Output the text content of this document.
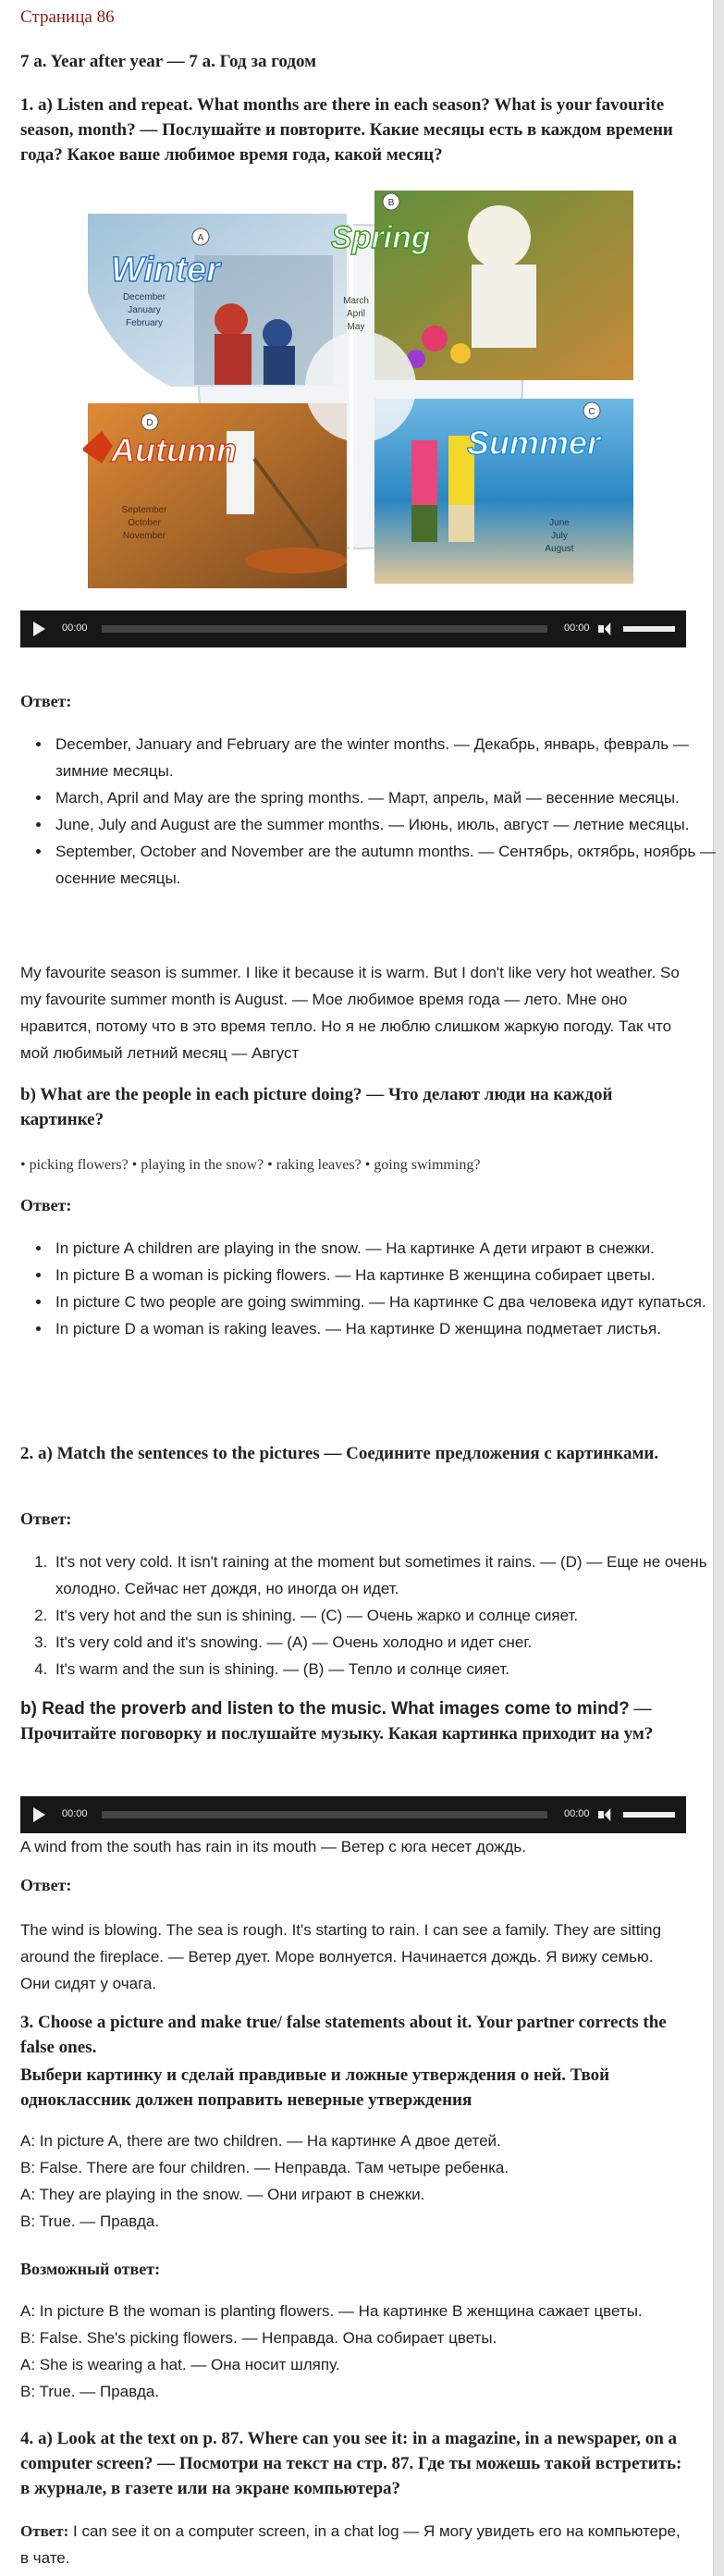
Страница 86

7 a. Year after year — 7 a. Год за годом

1. a) Listen and repeat. What months are there in each season? What is your favourite season, month? — Послушайте и повторите. Какие месяцы есть в каждом времени года? Какое ваше любимое время года, какой месяц?

A
Winter
December
January
February
B
Spring
March
April
May
C
Summer
June
July
August
D
Autumn
September
October
November
00:00	00:00

Ответ:

• December, January and February are the winter months. — Декабрь, январь, февраль — зимние месяцы.
• March, April and May are the spring months. — Март, апрель, май — весенние месяцы.
• June, July and August are the summer months. — Июнь, июль, август — летние месяцы.
• September, October and November are the autumn months. — Сентябрь, октябрь, ноябрь — осенние месяцы.

My favourite season is summer. I like it because it is warm. But I don't like very hot weather. So my favourite summer month is August. — Мое любимое время года — лето. Мне оно нравится, потому что в это время тепло. Но я не люблю слишком жаркую погоду. Так что мой любимый летний месяц — Август

b) What are the people in each picture doing? — Что делают люди на каждой картинке?

• picking flowers? • playing in the snow? • raking leaves? • going swimming?

Ответ:

• In picture A children are playing in the snow. — На картинке A дети играют в снежки.
• In picture B a woman is picking flowers. — На картинке B женщина собирает цветы.
• In picture C two people are going swimming. — На картинке C два человека идут купаться.
• In picture D a woman is raking leaves. — На картинке D женщина подметает листья.

2. a) Match the sentences to the pictures — Соедините предложения с картинками.

Ответ:

1. It's not very cold. It isn't raining at the moment but sometimes it rains. — (D) — Еще не очень холодно. Сейчас нет дождя, но иногда он идет.
2. It's very hot and the sun is shining. — (C) — Очень жарко и солнце сияет.
3. It's very cold and it's snowing. — (A) — Очень холодно и идет снег.
4. It's warm and the sun is shining. — (B) — Тепло и солнце сияет.

b) Read the proverb and listen to the music. What images come to mind? — Прочитайте поговорку и послушайте музыку. Какая картинка приходит на ум?

00:00	00:00

A wind from the south has rain in its mouth — Ветер с юга несет дождь.

Ответ:

The wind is blowing. The sea is rough. It's starting to rain. I can see a family. They are sitting around the fireplace. — Ветер дует. Море волнуется. Начинается дождь. Я вижу семью. Они сидят у очага.

3. Choose a picture and make true/ false statements about it. Your partner corrects the false ones.

Выбери картинку и сделай правдивые и ложные утверждения о ней. Твой одноклассник должен поправить неверные утверждения

A: In picture A, there are two children. — На картинке А двое детей.

B: False. There are four children. — Неправда. Там четыре ребенка.

A: They are playing in the snow. — Они играют в снежки.

B: True. — Правда.

Возможный ответ:

A: In picture B the woman is planting flowers. — На картинке В женщина сажает цветы.

B: False. She's picking flowers. — Неправда. Она собирает цветы.

A: She is wearing a hat. — Она носит шляпу.

B: True. — Правда.

4. a) Look at the text on p. 87. Where can you see it: in a magazine, in a newspaper, on a computer screen? — Посмотри на текст на стр. 87. Где ты можешь такой встретить: в журнале, в газете или на экране компьютера?

Ответ: I can see it on a computer screen, in a chat log — Я могу увидеть его на компьютере, в чате.
